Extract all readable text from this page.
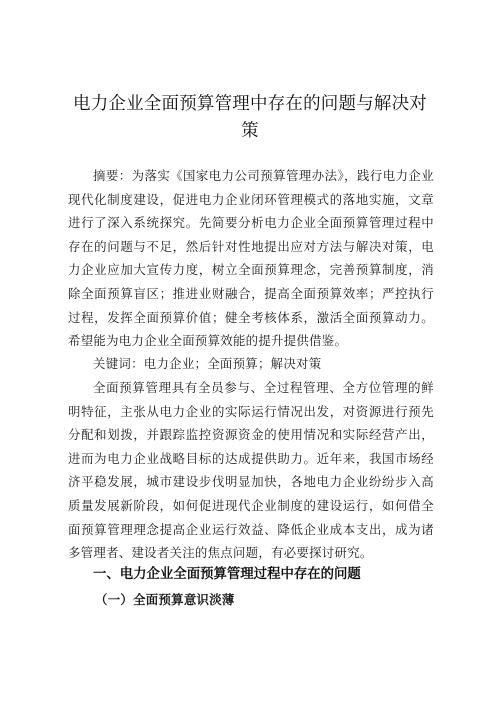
电力企业全面预算管理中存在的问题与解决对策

摘要：为落实《国家电力公司预算管理办法》，践行电力企业现代化制度建设，促进电力企业闭环管理模式的落地实施，文章进行了深入系统探究。先简要分析电力企业全面预算管理过程中存在的问题与不足，然后针对性地提出应对方法与解决对策，电力企业应加大宣传力度，树立全面预算理念，完善预算制度，消除全面预算盲区；推进业财融合，提高全面预算效率；严控执行过程，发挥全面预算价值；健全考核体系，激活全面预算动力。希望能为电力企业全面预算效能的提升提供借鉴。

关键词：电力企业；全面预算；解决对策

全面预算管理具有全员参与、全过程管理、全方位管理的鲜明特征，主张从电力企业的实际运行情况出发，对资源进行预先分配和划拨，并跟踪监控资源资金的使用情况和实际经营产出，进而为电力企业战略目标的达成提供助力。近年来，我国市场经济平稳发展，城市建设步伐明显加快，各地电力企业纷纷步入高质量发展新阶段，如何促进现代企业制度的建设运行，如何借全面预算管理理念提高企业运行效益、降低企业成本支出，成为诸多管理者、建设者关注的焦点问题，有必要探讨研究。

一、电力企业全面预算管理过程中存在的问题
（一）全面预算意识淡薄
